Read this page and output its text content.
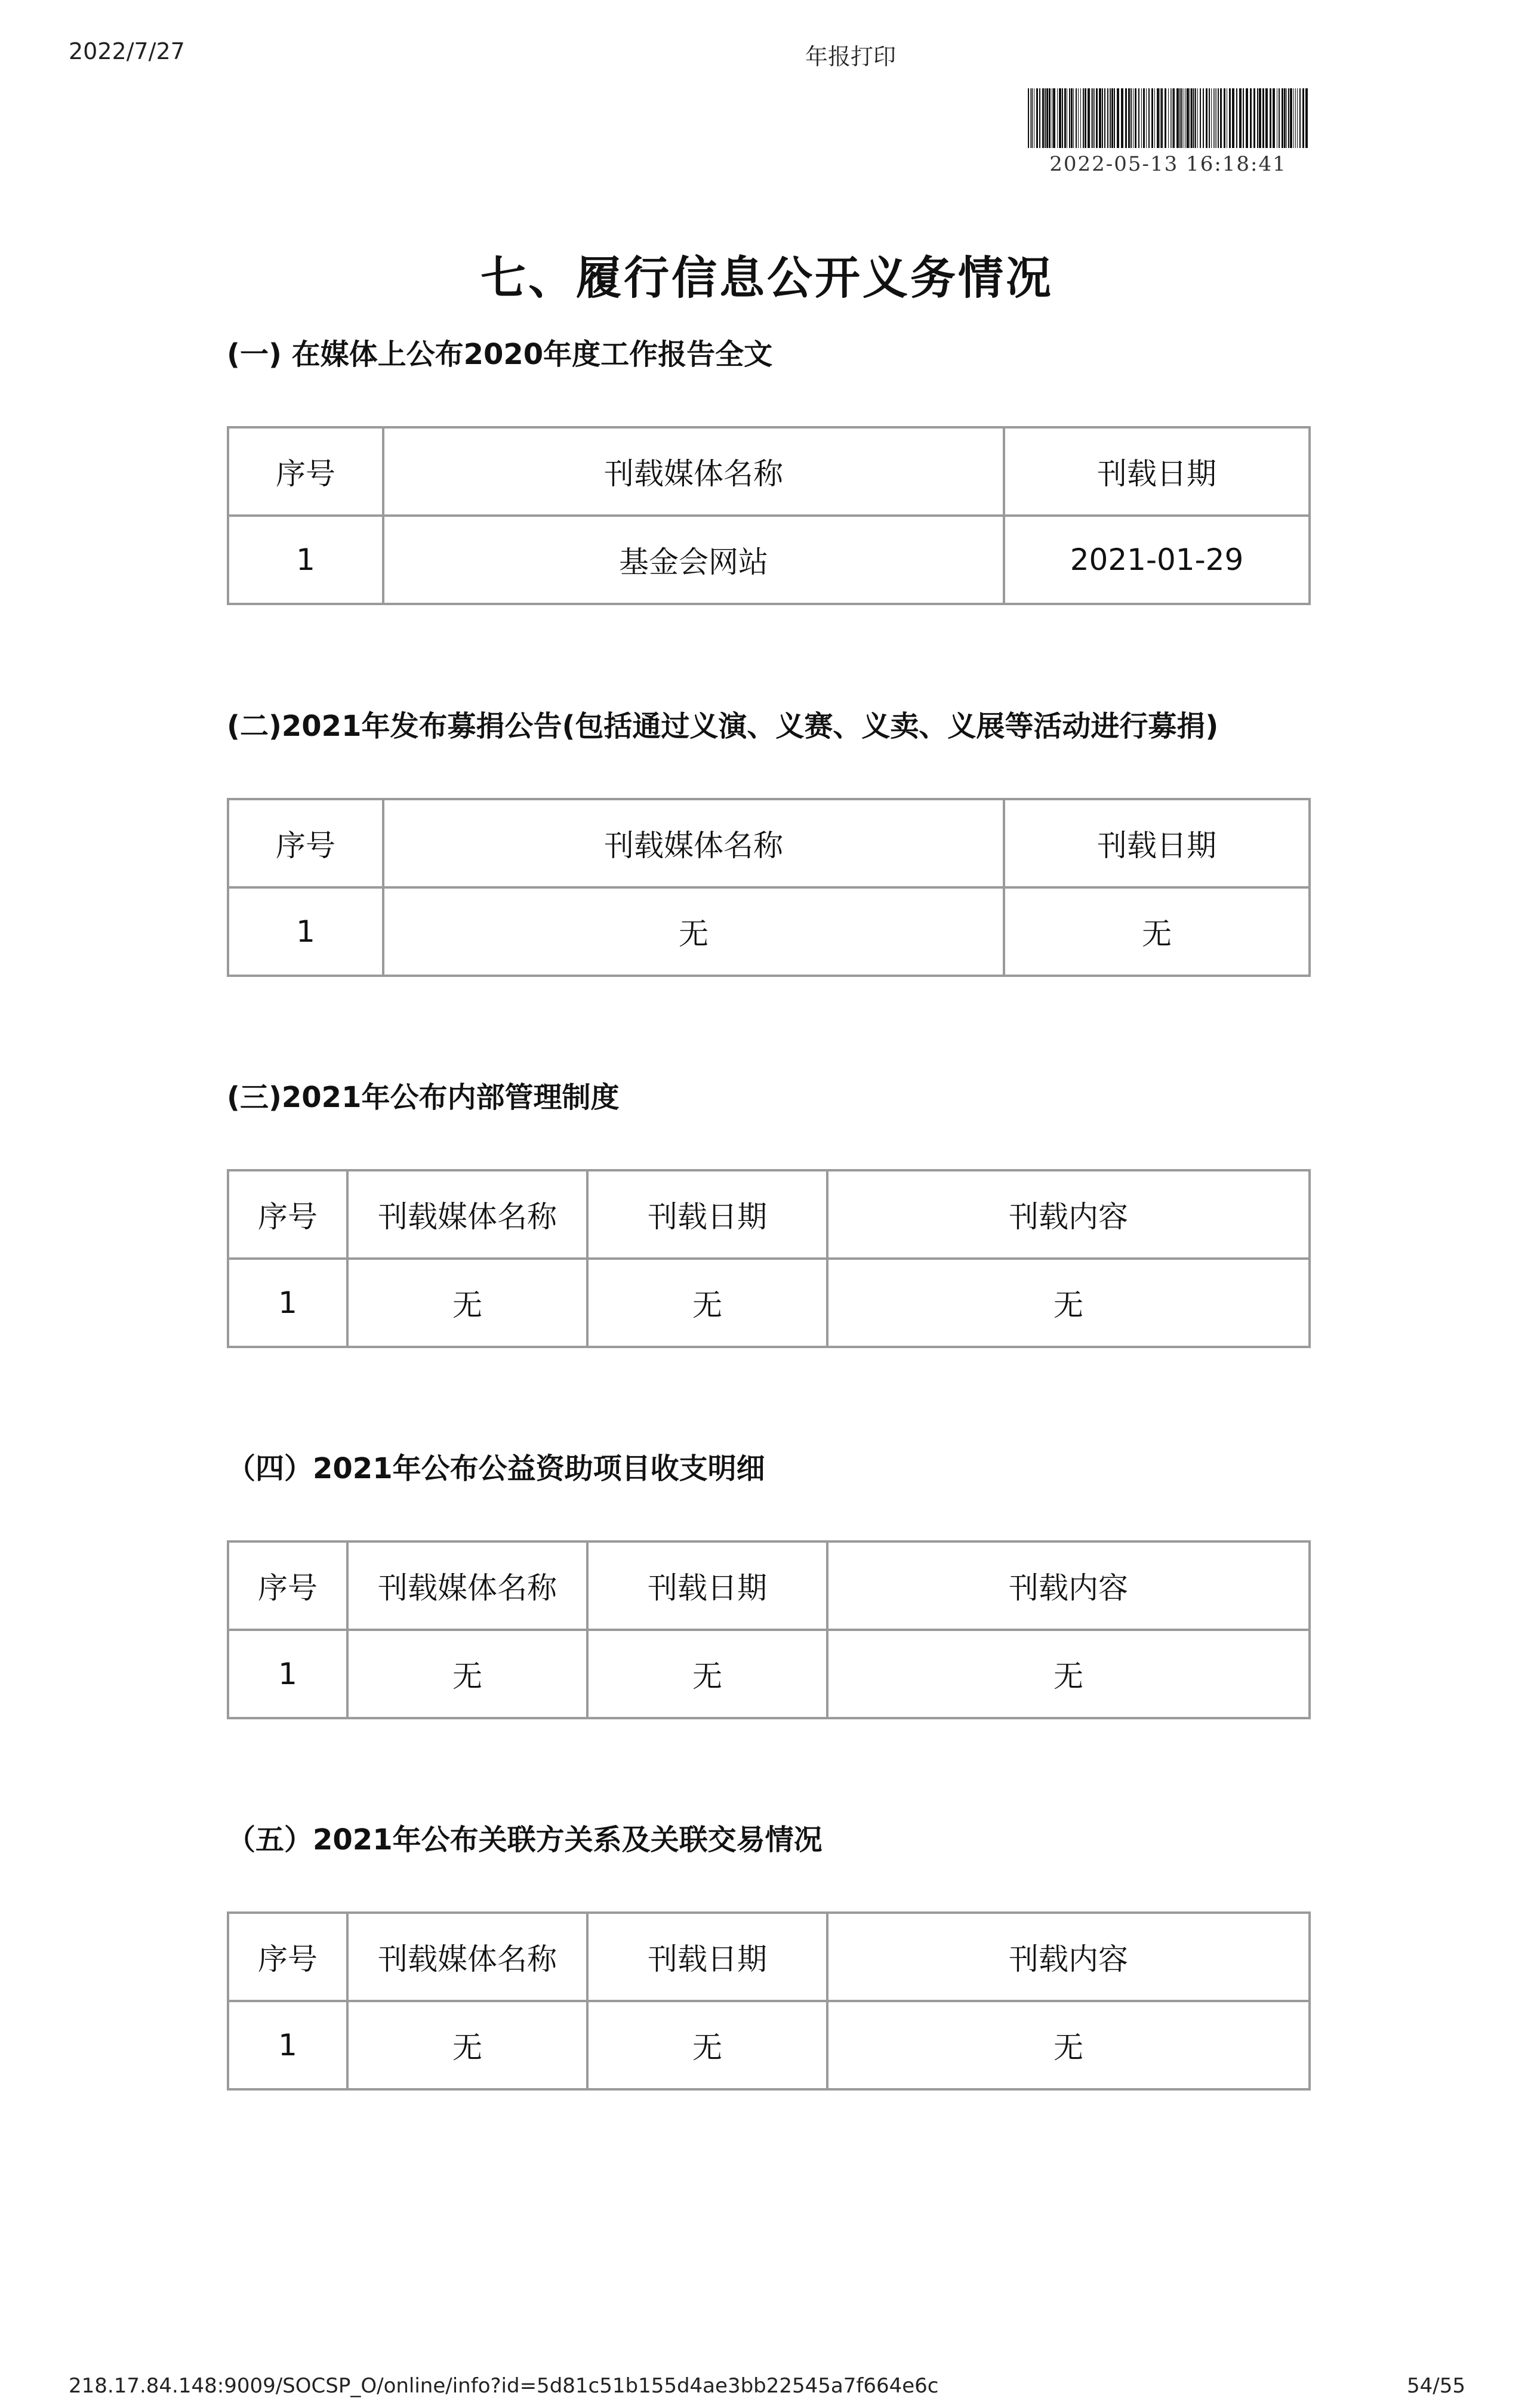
2022/7/27	年报打印
2022-05-13 16:18:41
七、履行信息公开义务情况
(一) 在媒体上公布2020年度工作报告全文
序号	刊载媒体名称	刊载日期
1	基金会网站	2021-01-29
(二)2021年发布募捐公告(包括通过义演、义赛、义卖、义展等活动进行募捐)
序号	刊载媒体名称	刊载日期
1	无	无
(三)2021年公布内部管理制度
序号	刊载媒体名称	刊载日期	刊载内容
1	无	无	无
（四）2021年公布公益资助项目收支明细
序号	刊载媒体名称	刊载日期	刊载内容
1	无	无	无
（五）2021年公布关联方关系及关联交易情况
序号	刊载媒体名称	刊载日期	刊载内容
1	无	无	无
218.17.84.148:9009/SOCSP_O/online/info?id=5d81c51b155d4ae3bb22545a7f664e6c	54/55
